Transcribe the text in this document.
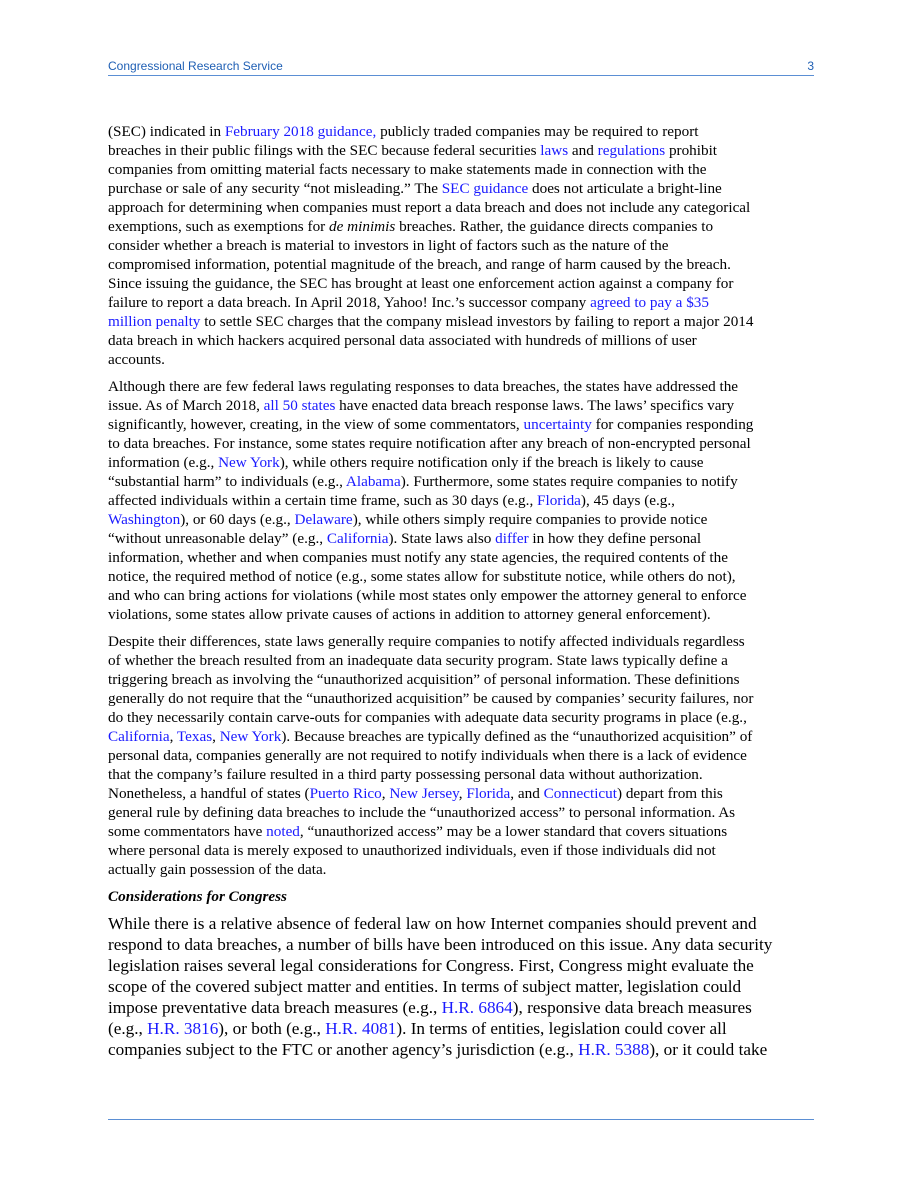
Congressional Research Service	3
(SEC) indicated in February 2018 guidance, publicly traded companies may be required to report
breaches in their public filings with the SEC because federal securities laws and regulations prohibit
companies from omitting material facts necessary to make statements made in connection with the
purchase or sale of any security “not misleading.” The SEC guidance does not articulate a bright-line
approach for determining when companies must report a data breach and does not include any categorical
exemptions, such as exemptions for de minimis breaches. Rather, the guidance directs companies to
consider whether a breach is material to investors in light of factors such as the nature of the
compromised information, potential magnitude of the breach, and range of harm caused by the breach.
Since issuing the guidance, the SEC has brought at least one enforcement action against a company for
failure to report a data breach. In April 2018, Yahoo! Inc.’s successor company agreed to pay a $35
million penalty to settle SEC charges that the company mislead investors by failing to report a major 2014
data breach in which hackers acquired personal data associated with hundreds of millions of user
accounts.
Although there are few federal laws regulating responses to data breaches, the states have addressed the
issue. As of March 2018, all 50 states have enacted data breach response laws. The laws’ specifics vary
significantly, however, creating, in the view of some commentators, uncertainty for companies responding
to data breaches. For instance, some states require notification after any breach of non-encrypted personal
information (e.g., New York), while others require notification only if the breach is likely to cause
“substantial harm” to individuals (e.g., Alabama). Furthermore, some states require companies to notify
affected individuals within a certain time frame, such as 30 days (e.g., Florida), 45 days (e.g.,
Washington), or 60 days (e.g., Delaware), while others simply require companies to provide notice
“without unreasonable delay” (e.g., California). State laws also differ in how they define personal
information, whether and when companies must notify any state agencies, the required contents of the
notice, the required method of notice (e.g., some states allow for substitute notice, while others do not),
and who can bring actions for violations (while most states only empower the attorney general to enforce
violations, some states allow private causes of actions in addition to attorney general enforcement).
Despite their differences, state laws generally require companies to notify affected individuals regardless
of whether the breach resulted from an inadequate data security program. State laws typically define a
triggering breach as involving the “unauthorized acquisition” of personal information. These definitions
generally do not require that the “unauthorized acquisition” be caused by companies’ security failures, nor
do they necessarily contain carve-outs for companies with adequate data security programs in place (e.g.,
California, Texas, New York). Because breaches are typically defined as the “unauthorized acquisition” of
personal data, companies generally are not required to notify individuals when there is a lack of evidence
that the company’s failure resulted in a third party possessing personal data without authorization.
Nonetheless, a handful of states (Puerto Rico, New Jersey, Florida, and Connecticut) depart from this
general rule by defining data breaches to include the “unauthorized access” to personal information. As
some commentators have noted, “unauthorized access” may be a lower standard that covers situations
where personal data is merely exposed to unauthorized individuals, even if those individuals did not
actually gain possession of the data.
Considerations for Congress
While there is a relative absence of federal law on how Internet companies should prevent and
respond to data breaches, a number of bills have been introduced on this issue. Any data security
legislation raises several legal considerations for Congress. First, Congress might evaluate the
scope of the covered subject matter and entities. In terms of subject matter, legislation could
impose preventative data breach measures (e.g., H.R. 6864), responsive data breach measures
(e.g., H.R. 3816), or both (e.g., H.R. 4081). In terms of entities, legislation could cover all
companies subject to the FTC or another agency’s jurisdiction (e.g., H.R. 5388), or it could take
